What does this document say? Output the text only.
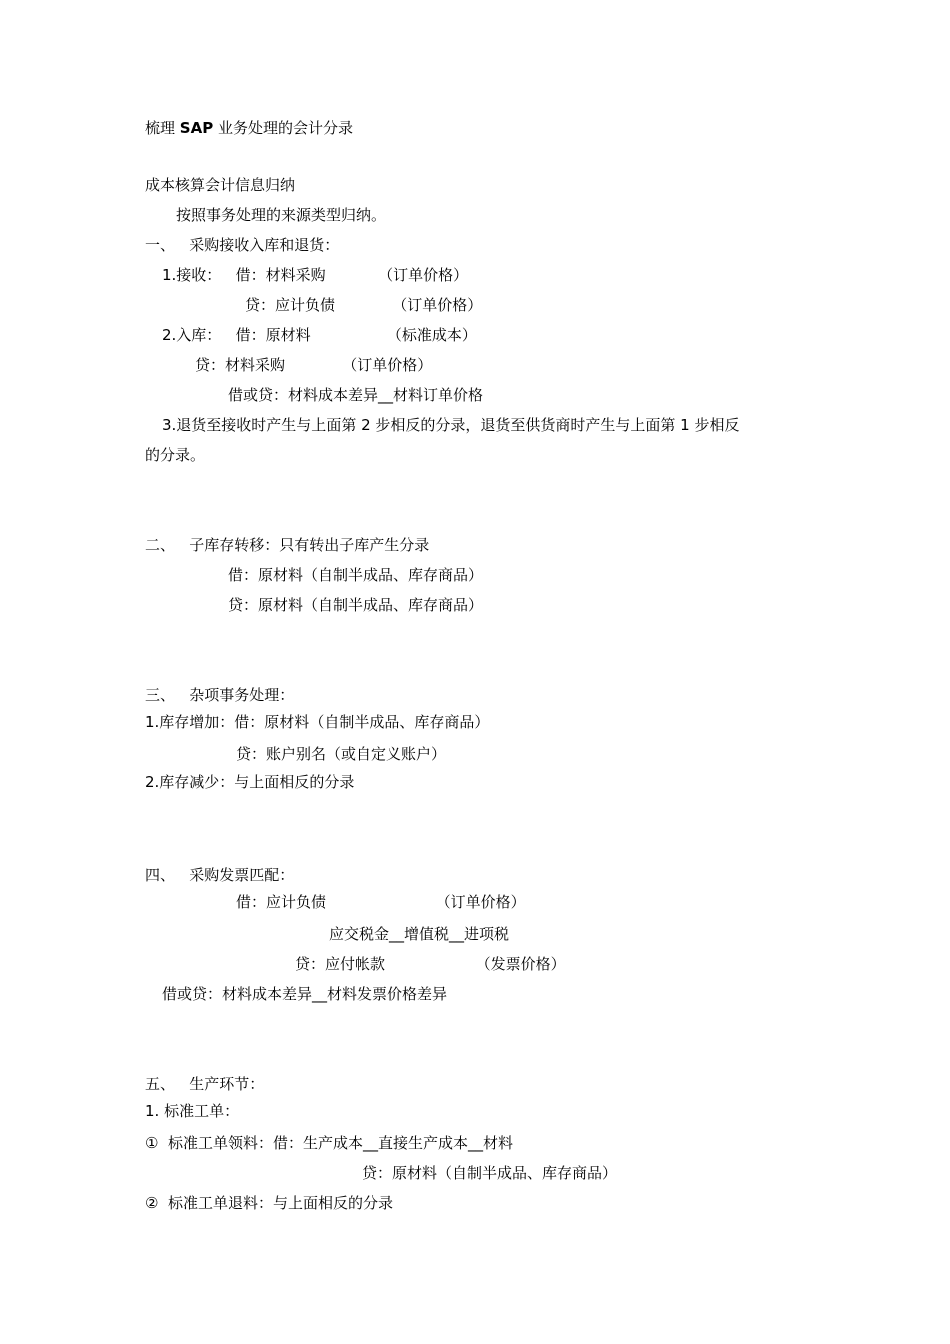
梳理 SAP 业务处理的会计分录
成本核算会计信息归纳
按照事务处理的来源类型归纳。
一、   采购接收入库和退货：
1.接收：   借：材料采购           （订单价格）
贷：应计负债            （订单价格）
2.入库：   借：原材料                （标准成本）
贷：材料采购            （订单价格）
借或贷：材料成本差异__材料订单价格
3.退货至接收时产生与上面第 2 步相反的分录，退货至供货商时产生与上面第 1 步相反
的分录。
二、   子库存转移：只有转出子库产生分录
借：原材料（自制半成品、库存商品）
贷：原材料（自制半成品、库存商品）
三、   杂项事务处理：
1.库存增加：借：原材料（自制半成品、库存商品）
贷：账户别名（或自定义账户）
2.库存减少：与上面相反的分录
四、   采购发票匹配：
借：应计负债                       （订单价格）
应交税金__增值税__进项税
贷：应付帐款                   （发票价格）
借或贷：材料成本差异__材料发票价格差异
五、   生产环节：
1. 标准工单：
①  标准工单领料：借：生产成本__直接生产成本__材料
贷：原材料（自制半成品、库存商品）
②  标准工单退料：与上面相反的分录
